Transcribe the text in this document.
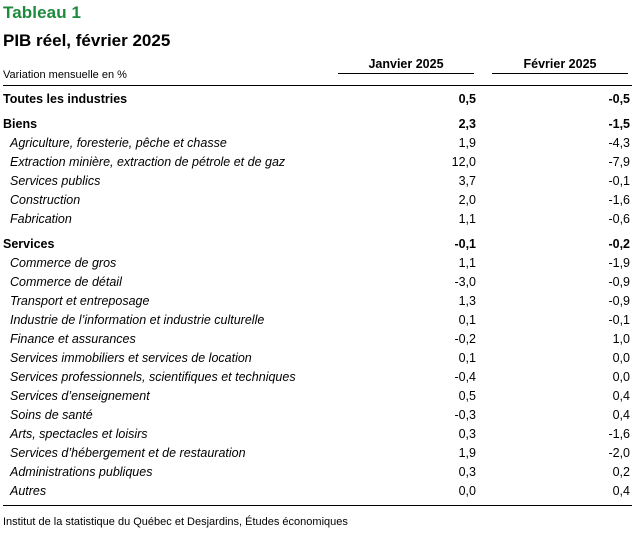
Tableau 1
PIB réel, février 2025
Variation mensuelle en %
Janvier 2025	Février 2025
Toutes les industries	0,5	-0,5
Biens	2,3	-1,5
Agriculture, foresterie, pêche et chasse	1,9	-4,3
Extraction minière, extraction de pétrole et de gaz	12,0	-7,9
Services publics	3,7	-0,1
Construction	2,0	-1,6
Fabrication	1,1	-0,6
Services	-0,1	-0,2
Commerce de gros	1,1	-1,9
Commerce de détail	-3,0	-0,9
Transport et entreposage	1,3	-0,9
Industrie de l’information et industrie culturelle	0,1	-0,1
Finance et assurances	-0,2	1,0
Services immobiliers et services de location	0,1	0,0
Services professionnels, scientifiques et techniques	-0,4	0,0
Services d’enseignement	0,5	0,4
Soins de santé	-0,3	0,4
Arts, spectacles et loisirs	0,3	-1,6
Services d’hébergement et de restauration	1,9	-2,0
Administrations publiques	0,3	0,2
Autres	0,0	0,4
Institut de la statistique du Québec et Desjardins, Études économiques
